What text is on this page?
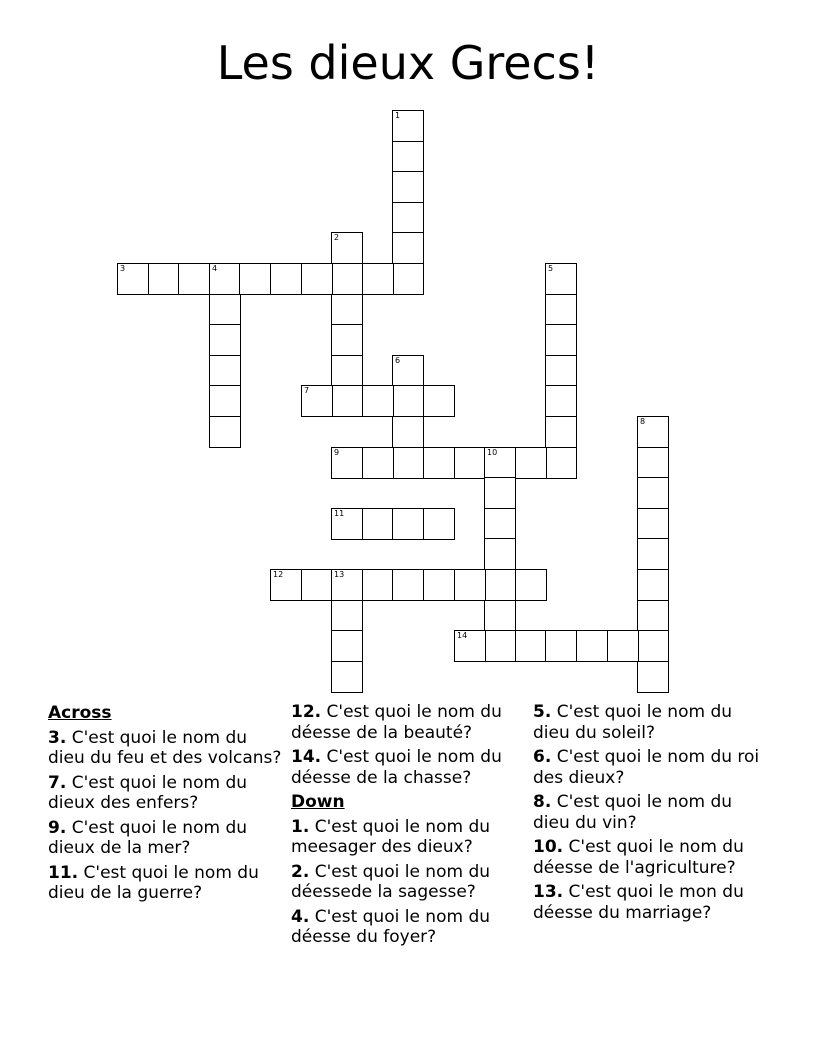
Les dieux Grecs!
1
2
3	4	5
6
7
8
9	10
11
12	13
14
Across
3. C'est quoi le nom du dieu du feu et des volcans?
7. C'est quoi le nom du dieux des enfers?
9. C'est quoi le nom du dieux de la mer?
11. C'est quoi le nom du dieu de la guerre?
12. C'est quoi le nom du déesse de la beauté?
14. C'est quoi le nom du déesse de la chasse?
Down
1. C'est quoi le nom du meesager des dieux?
2. C'est quoi le nom du déessede la sagesse?
4. C'est quoi le nom du déesse du foyer?
5. C'est quoi le nom du dieu du soleil?
6. C'est quoi le nom du roi des dieux?
8. C'est quoi le nom du dieu du vin?
10. C'est quoi le nom du déesse de l'agriculture?
13. C'est quoi le mon du déesse du marriage?
